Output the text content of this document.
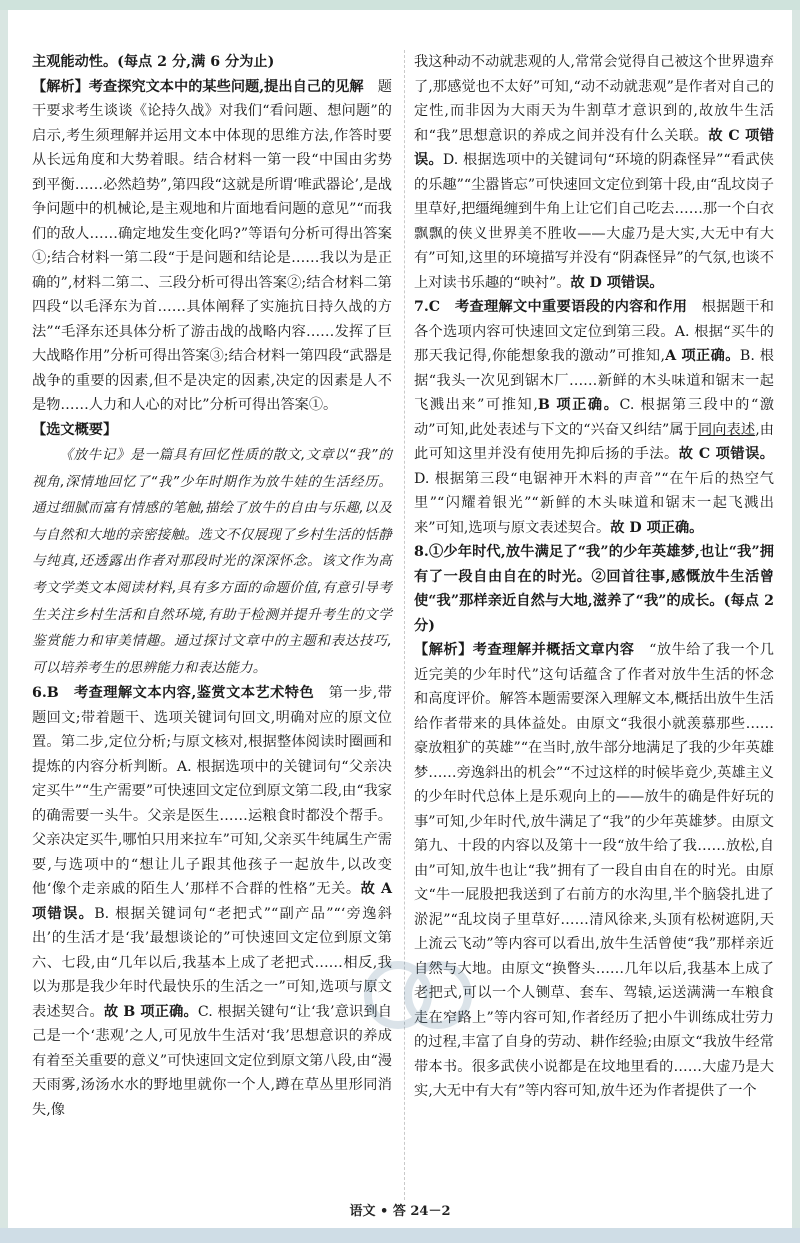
主观能动性。(每点 2 分,满 6 分为止)

【解析】考查探究文本中的某些问题,提出自己的见解　题干要求考生谈谈《论持久战》对我们“看问题、想问题”的启示,考生须理解并运用文本中体现的思维方法,作答时要从长远角度和大势着眼。结合材料一第一段“中国由劣势到平衡……必然趋势”,第四段“这就是所谓‘唯武器论’,是战争问题中的机械论,是主观地和片面地看问题的意见”“而我们的敌人……确定地发生变化吗?”等语句分析可得出答案①;结合材料一第二段“于是问题和结论是……我以为是正确的”,材料二第二、三段分析可得出答案②;结合材料二第四段“以毛泽东为首……具体阐释了实施抗日持久战的方法”“毛泽东还具体分析了游击战的战略内容……发挥了巨大战略作用”分析可得出答案③;结合材料一第四段“武器是战争的重要的因素,但不是决定的因素,决定的因素是人不是物……人力和人心的对比”分析可得出答案①。

【选文概要】

《放牛记》是一篇具有回忆性质的散文,文章以“我”的视角,深情地回忆了“我”少年时期作为放牛娃的生活经历。通过细腻而富有情感的笔触,描绘了放牛的自由与乐趣,以及与自然和大地的亲密接触。选文不仅展现了乡村生活的恬静与纯真,还透露出作者对那段时光的深深怀念。该文作为高考文学类文本阅读材料,具有多方面的命题价值,有意引导考生关注乡村生活和自然环境,有助于检测并提升考生的文学鉴赏能力和审美情趣。通过探讨文章中的主题和表达技巧,可以培养考生的思辨能力和表达能力。

6.B　考查理解文本内容,鉴赏文本艺术特色　第一步,带题回文;带着题干、选项关键词句回文,明确对应的原文位置。第二步,定位分析;与原文核对,根据整体阅读时圈画和提炼的内容分析判断。A. 根据选项中的关键词句“父亲决定买牛”“生产需要”可快速回文定位到原文第二段,由“我家的确需要一头牛。父亲是医生……运粮食时都没个帮手。父亲决定买牛,哪怕只用来拉车”可知,父亲买牛纯属生产需要,与选项中的“想让儿子跟其他孩子一起放牛,以改变他‘像个走亲戚的陌生人’那样不合群的性格”无关。故 A 项错误。B. 根据关键词句“老把式”“副产品”“‘旁逸斜出’的生活才是‘我’最想谈论的”可快速回文定位到原文第六、七段,由“几年以后,我基本上成了老把式……相反,我以为那是我少年时代最快乐的生活之一”可知,选项与原文表述契合。故 B 项正确。C. 根据关键句“让‘我’意识到自己是一个‘悲观’之人,可见放牛生活对‘我’思想意识的养成有着至关重要的意义”可快速回文定位到原文第八段,由“漫天雨雾,汤汤水水的野地里就你一个人,蹲在草丛里形同消失,像

我这种动不动就悲观的人,常常会觉得自己被这个世界遗弃了,那感觉也不太好”可知,“动不动就悲观”是作者对自己的定性,而非因为大雨天为牛割草才意识到的,故放牛生活和“我”思想意识的养成之间并没有什么关联。故 C 项错误。D. 根据选项中的关键词句“环境的阴森怪异”“看武侠的乐趣”“尘嚣皆忘”可快速回文定位到第十段,由“乱坟岗子里草好,把缰绳缠到牛角上让它们自己吃去……那一个白衣飘飘的侠义世界美不胜收——大虚乃是大实,大无中有大有”可知,这里的环境描写并没有“阴森怪异”的气氛,也谈不上对读书乐趣的“映衬”。故 D 项错误。

7.C　考查理解文中重要语段的内容和作用　根据题干和各个选项内容可快速回文定位到第三段。A. 根据“买牛的那天我记得,你能想象我的激动”可推知,A 项正确。B. 根据“我头一次见到锯木厂……新鲜的木头味道和锯末一起飞溅出来”可推知,B 项正确。C. 根据第三段中的“激动”可知,此处表述与下文的“兴奋又纠结”属于同向表述,由此可知这里并没有使用先抑后扬的手法。故 C 项错误。D. 根据第三段“电锯神开木料的声音”“在午后的热空气里”“闪耀着银光”“新鲜的木头味道和锯末一起飞溅出来”可知,选项与原文表述契合。故 D 项正确。

8.①少年时代,放牛满足了“我”的少年英雄梦,也让“我”拥有了一段自由自在的时光。②回首往事,感慨放牛生活曾使“我”那样亲近自然与大地,滋养了“我”的成长。(每点 2 分)

【解析】考查理解并概括文章内容　“放牛给了我一个几近完美的少年时代”这句话蕴含了作者对放牛生活的怀念和高度评价。解答本题需要深入理解文本,概括出放牛生活给作者带来的具体益处。由原文“我很小就羡慕那些……豪放粗犷的英雄”“在当时,放牛部分地满足了我的少年英雄梦……旁逸斜出的机会”“不过这样的时候毕竟少,英雄主义的少年时代总体上是乐观向上的——放牛的确是件好玩的事”可知,少年时代,放牛满足了“我”的少年英雄梦。由原文第九、十段的内容以及第十一段“放牛给了我……放松,自由”可知,放牛也让“我”拥有了一段自由自在的时光。由原文“牛一屁股把我送到了右前方的水沟里,半个脑袋扎进了淤泥”“乱坟岗子里草好……清风徐来,头顶有松树遮阴,天上流云飞动”等内容可以看出,放牛生活曾使“我”那样亲近自然与大地。由原文“换瞥头……几年以后,我基本上成了老把式,可以一个人铡草、套车、驾辕,运送满满一车粮食走在窄路上”等内容可知,作者经历了把小牛训练成壮劳力的过程,丰富了自身的劳动、耕作经验;由原文“我放牛经常带本书。很多武侠小说都是在坟地里看的……大虚乃是大实,大无中有大有”等内容可知,放牛还为作者提供了一个

语文 • 答 24－2
